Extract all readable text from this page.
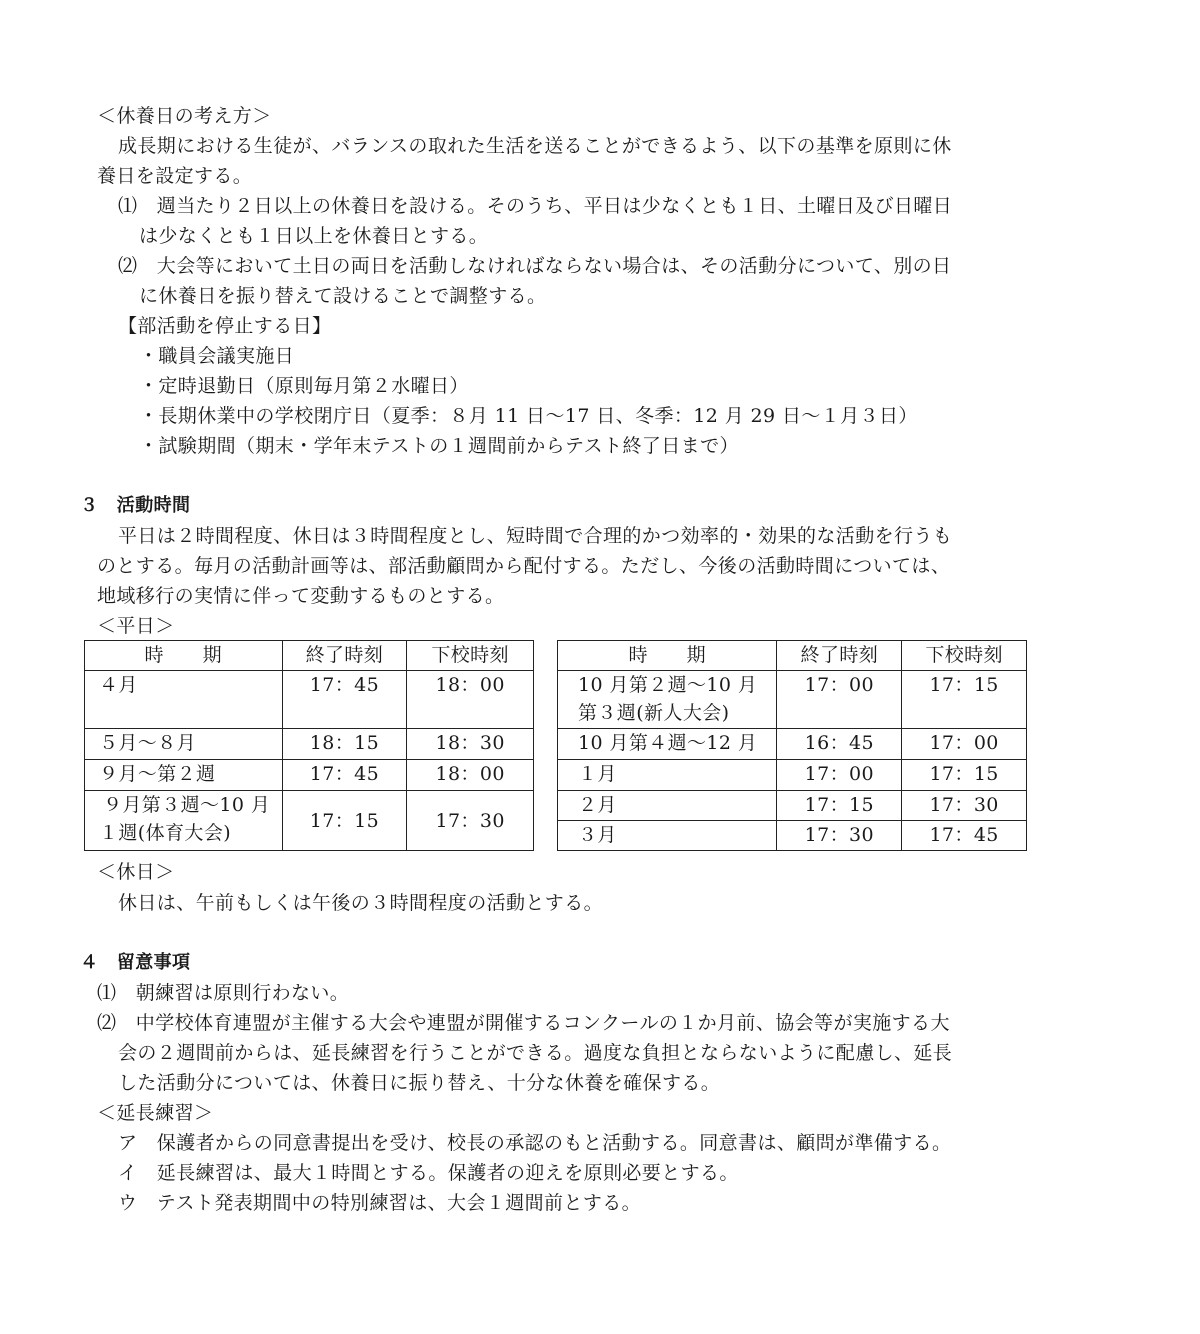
＜休養日の考え方＞
成長期における生徒が、バランスの取れた生活を送ることができるよう、以下の基準を原則に休
養日を設定する。
⑴　週当たり２日以上の休養日を設ける。そのうち、平日は少なくとも１日、土曜日及び日曜日
は少なくとも１日以上を休養日とする。
⑵　大会等において土日の両日を活動しなければならない場合は、その活動分について、別の日
に休養日を振り替えて設けることで調整する。
【部活動を停止する日】
・職員会議実施日
・定時退勤日（原則毎月第２水曜日）
・長期休業中の学校閉庁日（夏季：８月 11 日～17 日、冬季：12 月 29 日～１月３日）
・試験期間（期末・学年末テストの１週間前からテスト終了日まで）
３　活動時間
平日は２時間程度、休日は３時間程度とし、短時間で合理的かつ効率的・効果的な活動を行うも
のとする。毎月の活動計画等は、部活動顧問から配付する。ただし、今後の活動時間については、
地域移行の実情に伴って変動するものとする。
＜平日＞
時　　期	終了時刻	下校時刻
４月	17：45	18：00
５月～８月	18：15	18：30
９月～第２週	17：45	18：00

９月第３週～10 月
１週(体育大会)	17：15	17：30
時　　期	終了時刻	下校時刻

10 月第２週～10 月
第３週(新人大会)	17：00	17：15
10 月第４週～12 月	16：45	17：00
１月	17：00	17：15
２月	17：15	17：30
３月	17：30	17：45
＜休日＞
休日は、午前もしくは午後の３時間程度の活動とする。
４　留意事項
⑴　朝練習は原則行わない。
⑵　中学校体育連盟が主催する大会や連盟が開催するコンクールの１か月前、協会等が実施する大
会の２週間前からは、延長練習を行うことができる。過度な負担とならないように配慮し、延長
した活動分については、休養日に振り替え、十分な休養を確保する。
＜延長練習＞
ア　保護者からの同意書提出を受け、校長の承認のもと活動する。同意書は、顧問が準備する。
イ　延長練習は、最大１時間とする。保護者の迎えを原則必要とする。
ウ　テスト発表期間中の特別練習は、大会１週間前とする。
